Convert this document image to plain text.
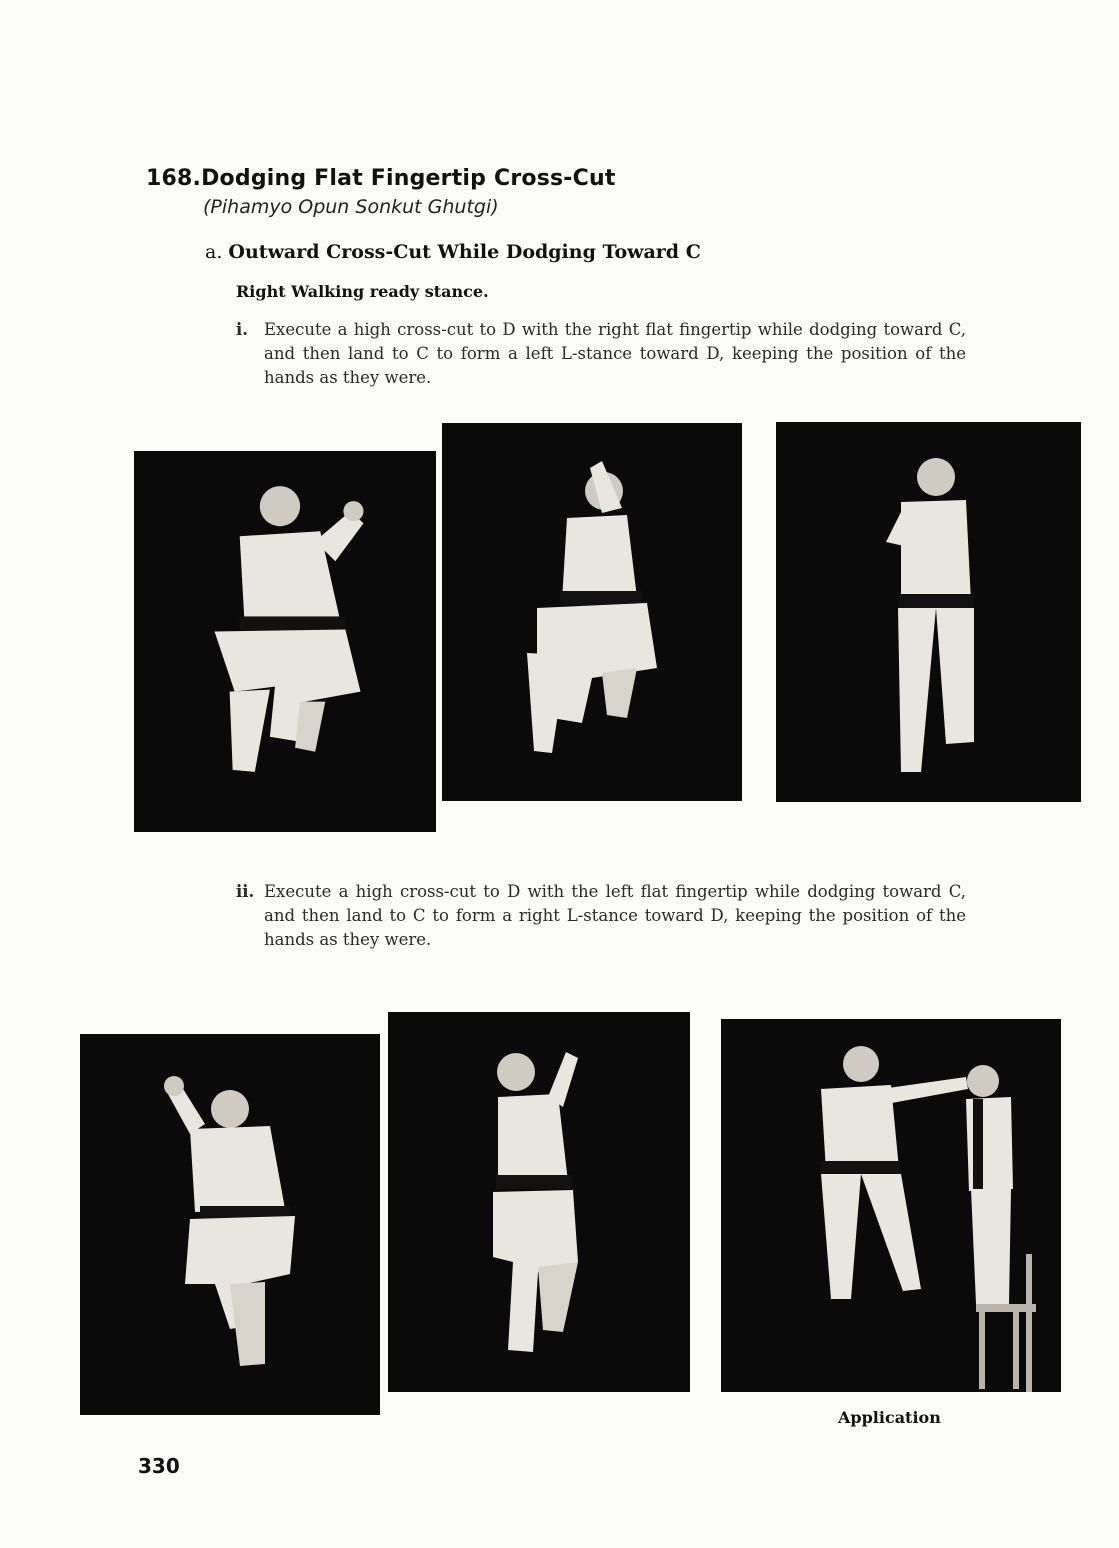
168.Dodging Flat Fingertip Cross-Cut
(Pihamyo Opun Sonkut Ghutgi)
a. Outward Cross-Cut While Dodging Toward C
Right Walking ready stance.
i. Execute a high cross-cut to D with the right flat fingertip while dodging toward C, and then land to C to form a left L-stance toward D, keeping the position of the hands as they were.
ii. Execute a high cross-cut to D with the left flat fingertip while dodging toward C, and then land to C to form a right L-stance toward D, keeping the position of the hands as they were.
Application
330
